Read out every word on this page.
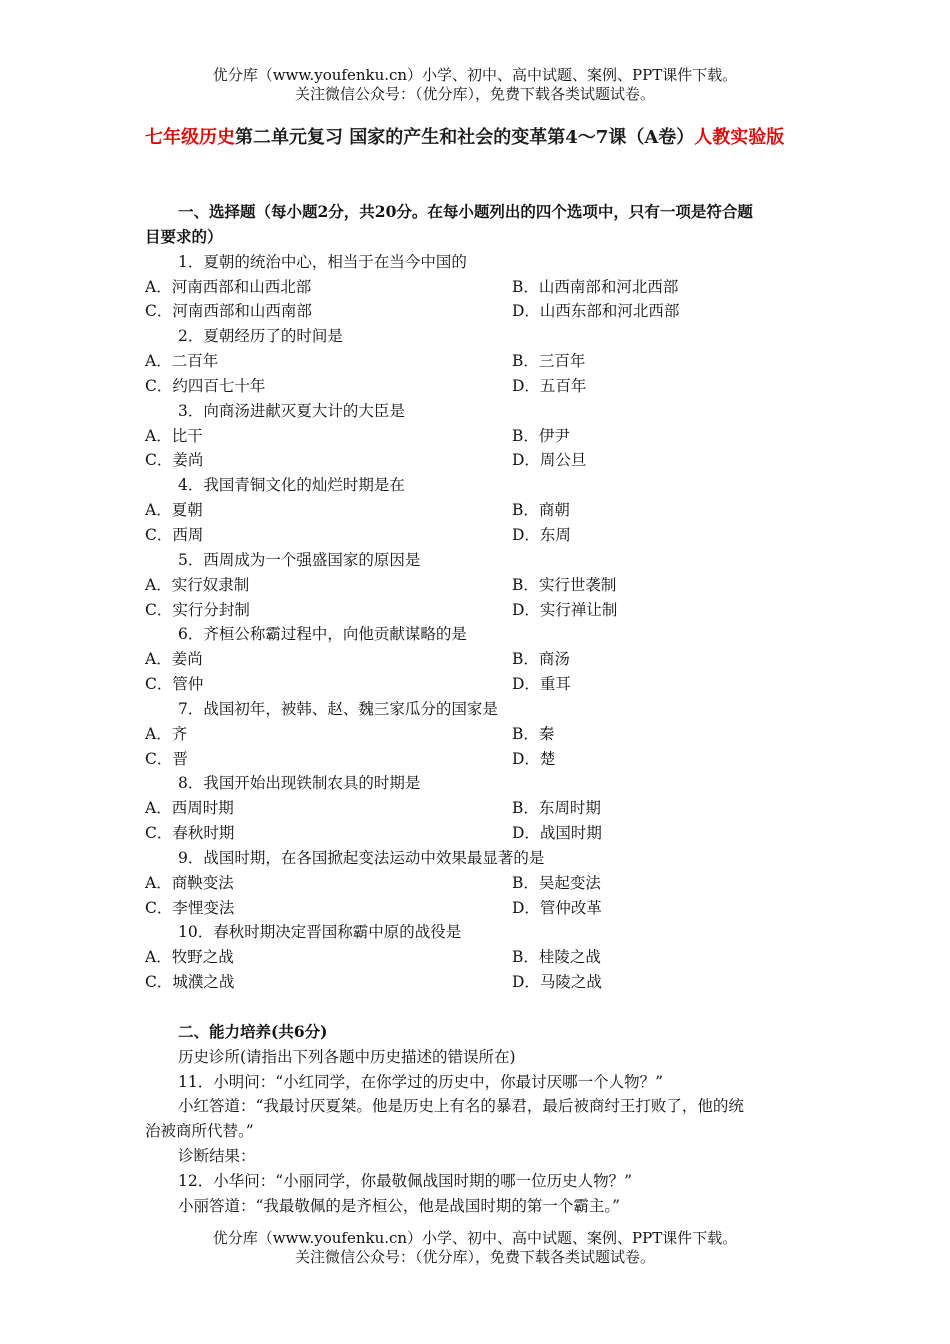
优分库（www.youfenku.cn）小学、初中、高中试题、案例、PPT课件下载。
关注微信公众号：（优分库），免费下载各类试题试卷。
七年级历史第二单元复习 国家的产生和社会的变革第4～7课（A卷）人教实验版
一、选择题（每小题2分，共20分。在每小题列出的四个选项中，只有一项是符合题
目要求的）
1．夏朝的统治中心，相当于在当今中国的
A．河南西部和山西北部	B．山西南部和河北西部
C．河南西部和山西南部	D．山西东部和河北西部
2．夏朝经历了的时间是
A．二百年	B．三百年
C．约四百七十年	D．五百年
3．向商汤进献灭夏大计的大臣是
A．比干	B．伊尹
C．姜尚	D．周公旦
4．我国青铜文化的灿烂时期是在
A．夏朝	B．商朝
C．西周	D．东周
5．西周成为一个强盛国家的原因是
A．实行奴隶制	B．实行世袭制
C．实行分封制	D．实行禅让制
6．齐桓公称霸过程中，向他贡献谋略的是
A．姜尚	B．商汤
C．管仲	D．重耳
7．战国初年，被韩、赵、魏三家瓜分的国家是
A．齐	B．秦
C．晋	D．楚
8．我国开始出现铁制农具的时期是
A．西周时期	B．东周时期
C．春秋时期	D．战国时期
9．战国时期，在各国掀起变法运动中效果最显著的是
A．商鞅变法	B．吴起变法
C．李悝变法	D．管仲改革
10．春秋时期决定晋国称霸中原的战役是
A．牧野之战	B．桂陵之战
C．城濮之战	D．马陵之战
二、能力培养(共6分)
历史诊所(请指出下列各题中历史描述的错误所在)
11．小明问：“小红同学，在你学过的历史中，你最讨厌哪一个人物？”
小红答道：“我最讨厌夏桀。他是历史上有名的暴君，最后被商纣王打败了，他的统
治被商所代替。”
诊断结果：
12．小华问：“小丽同学，你最敬佩战国时期的哪一位历史人物？”
小丽答道：“我最敬佩的是齐桓公，他是战国时期的第一个霸主。”
优分库（www.youfenku.cn）小学、初中、高中试题、案例、PPT课件下载。
关注微信公众号：（优分库），免费下载各类试题试卷。
